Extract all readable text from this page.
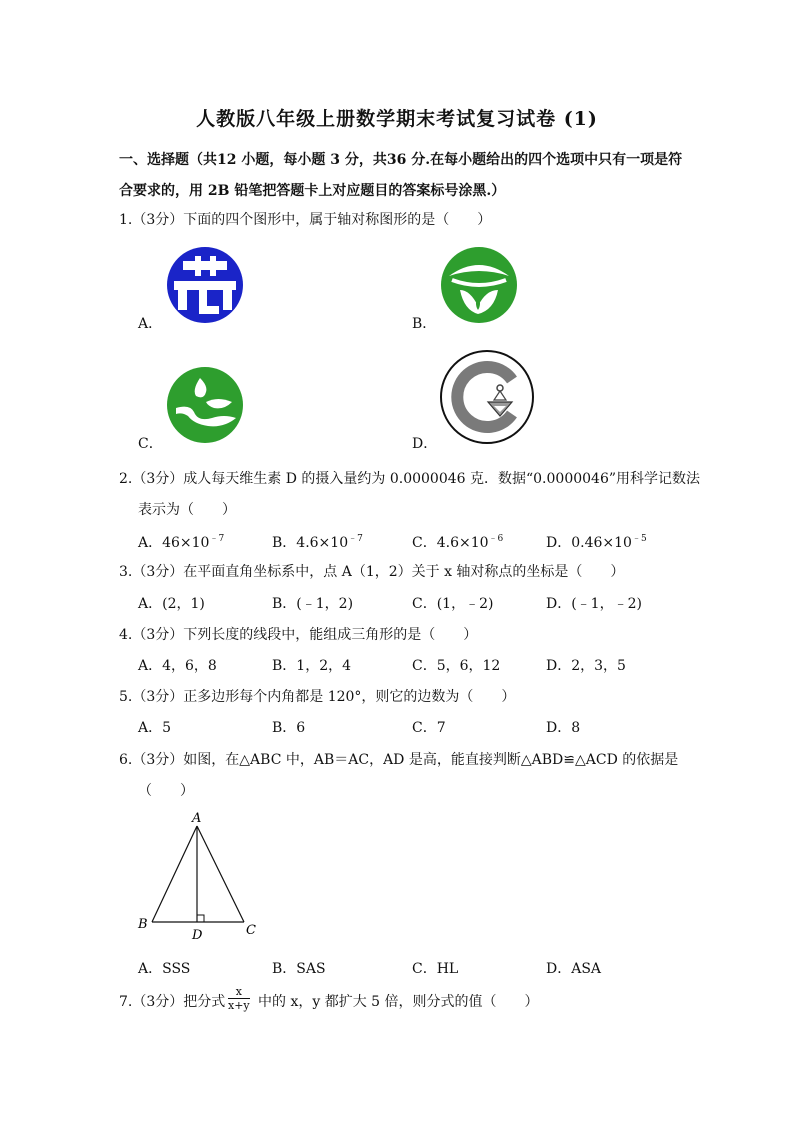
人教版八年级上册数学期末考试复习试卷 (1)
一、选择题（共12 小题，每小题 3 分，共36 分.在每小题给出的四个选项中只有一项是符
合要求的，用 2B 铅笔把答题卡上对应题目的答案标号涂黑.）
1.（3分）下面的四个图形中，属于轴对称图形的是（　　）
A．	B．
C．	D．
2.（3分）成人每天维生素 D 的摄入量约为 0.0000046 克．数据“0.0000046”用科学记数法
表示为（　　）
A．$46\times 10^{﹣7}$	B．$4.6\times 10^{﹣7}$	C．$4.6\times 10^{﹣6}$	D．$0.46\times 10^{﹣5}$
3.（3分）在平面直角坐标系中，点 A（1，2）关于 x 轴对称点的坐标是（　　）
A．(2，1)	B．(﹣1，2)	C．(1，﹣2)	D．(﹣1，﹣2)
4.（3分）下列长度的线段中，能组成三角形的是（　　）
A．4，6，8	B．1，2，4	C．5，6，12	D．2，3，5
5.（3分）正多边形每个内角都是 120°，则它的边数为（　　）
A．5	B．6	C．7	D．8
6.（3分）如图，在△ABC 中，AB＝AC，AD 是高，能直接判断△ABD≌△ACD 的依据是
（　　）
A
B
D	C
A．SSS	B．SAS	C．HL	D．ASA
7.（3分）把分式 $\frac{x}{x+y}$ 中的 x，y 都扩大 5 倍，则分式的值（　　）
